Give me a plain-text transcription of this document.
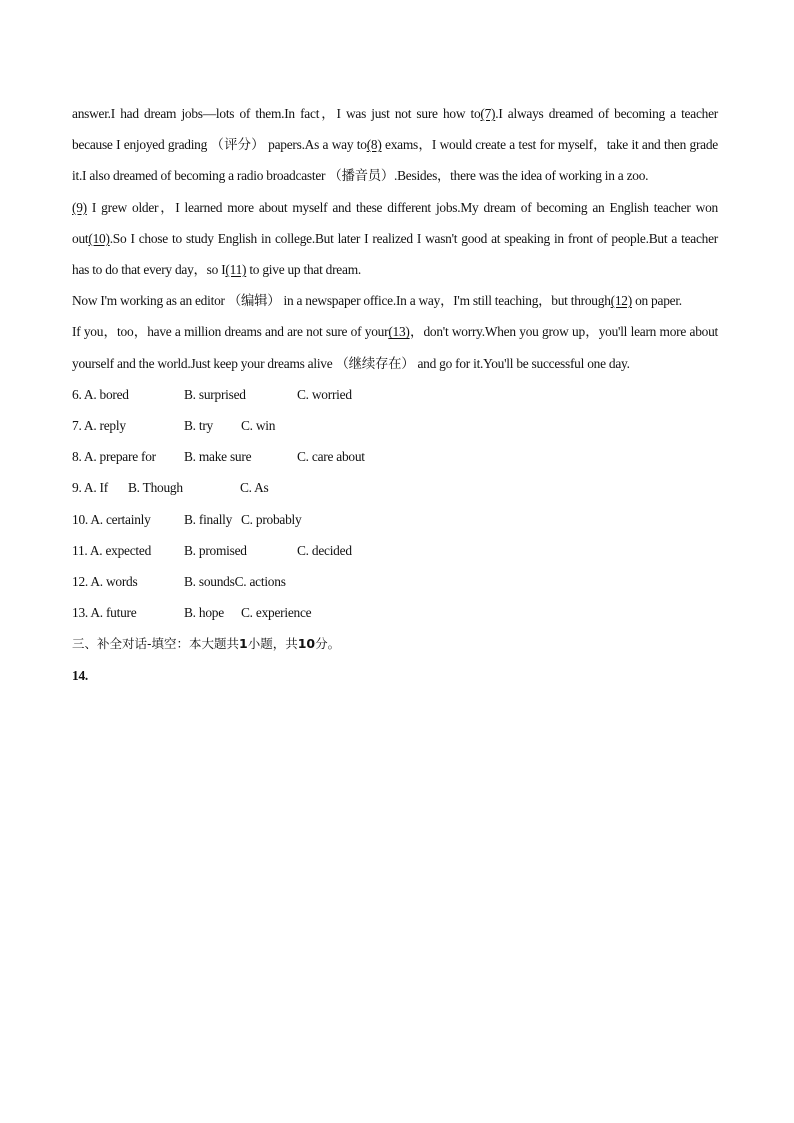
answer.I had dream jobs—lots of them.In fact，I was just not sure how to(7).I always dreamed of becoming a teacher because I enjoyed grading （评分） papers.As a way to(8) exams，I would create a test for myself，take it and then grade it.I also dreamed of becoming a radio broadcaster （播音员）.Besides，there was the idea of working in a zoo.

(9) I grew older，I learned more about myself and these different jobs.My dream of becoming an English teacher won out(10).So I chose to study English in college.But later I realized I wasn't good at speaking in front of people.But a teacher has to do that every day，so I(11) to give up that dream.

Now I'm working as an editor （编辑） in a newspaper office.In a way，I'm still teaching，but through(12) on paper.

If you，too，have a million dreams and are not sure of your(13)，don't worry.When you grow up，you'll learn more about yourself and the world.Just keep your dreams alive （继续存在） and go for it.You'll be successful one day.

6. A. bored	B. surprised	C. worried

7. A. reply	B. try C. win

8. A. prepare for B. make sure	C. care about

9. A. If B. Though	C. As

10. A. certainly B. finally C. probably

11. A. expected B. promised	C. decided

12. A. words	B. soundsC. actions

13. A. future	B. hope C. experience

三、补全对话-填空：本大题共1小题，共10分。

14.
